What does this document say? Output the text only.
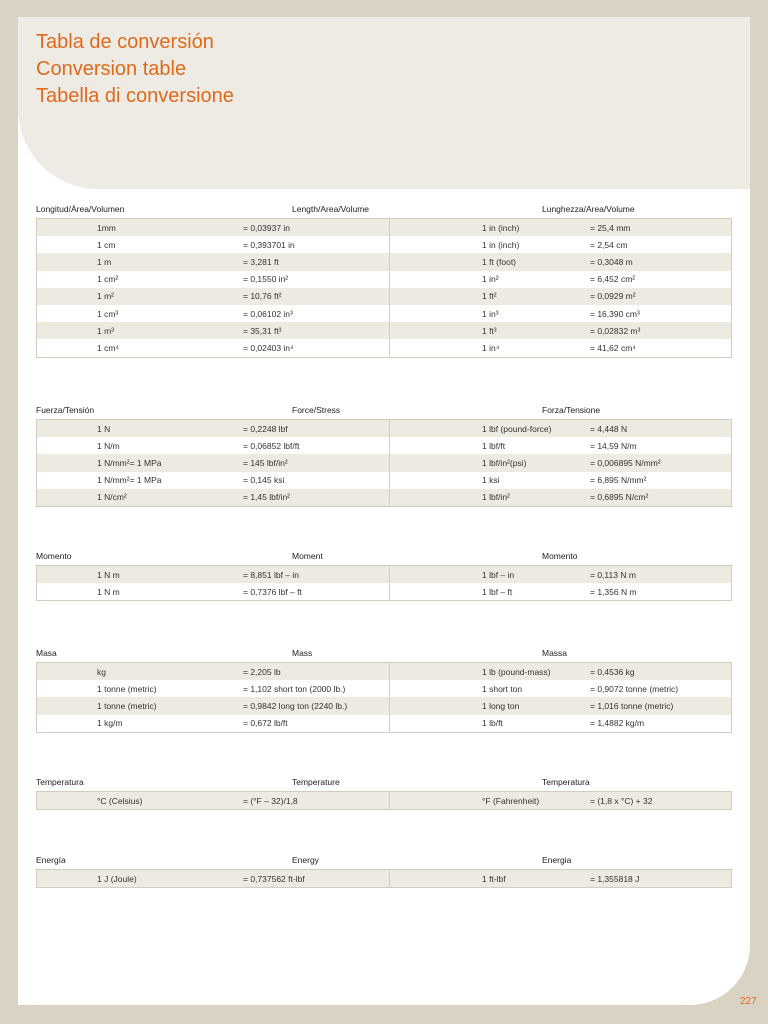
Tabla de conversión
Conversion table
Tabella di conversione
Longitud/Área/Volumen	Length/Area/Volume	Lunghezza/Area/Volume
	1mm	= 0,03937 in		1 in (inch)	= 25,4 mm
	1 cm	= 0,393701 in		1 in (inch)	= 2,54 cm
	1 m	= 3,281 ft		1 ft (foot)	= 0,3048 m
	1 cm²	= 0,1550 in²		1 in²	= 6,452 cm²
	1 m²	= 10,76 ft²		1 ft²	= 0,0929 m²
	1 cm³	= 0,06102 in³		1 in³	= 16,390 cm³
	1 m³	= 35,31 ft³		1 ft³	= 0,02832 m³
	1 cm⁴	= 0,02403 in⁴		1 in⁴	= 41,62 cm⁴
Fuerza/Tensión	Force/Stress	Forza/Tensione
	1 N	= 0,2248 lbf		1 lbf (pound-force)	= 4,448 N
	1 N/m	= 0,06852 lbf/ft		1 lbf/ft	= 14,59 N/m
	1 N/mm²= 1 MPa	= 145 lbf/in²		1 lbf/in²(psi)	= 0,006895 N/mm²
	1 N/mm²= 1 MPa	= 0,145 ksi		1 ksi	= 6,895 N/mm²
	1 N/cm²	= 1,45 lbf/in²		1 lbf/in²	= 0,6895 N/cm²
Momento	Moment	Momento
	1 N m	= 8,851 lbf – in		1 lbf – in	= 0,113 N m
	1 N m	= 0,7376 lbf – ft		1 lbf – ft	= 1,356 N m
Masa	Mass	Massa
	kg	= 2,205 lb		1 lb (pound-mass)	= 0,4536 kg
	1 tonne (metric)	= 1,102 short ton (2000 lb.)		1 short ton	= 0,9072 tonne (metric)
	1 tonne (metric)	= 0,9842 long ton (2240 lb.)		1 long ton	= 1,016 tonne (metric)
	1 kg/m	= 0,672 lb/ft		1 lb/ft	= 1,4882 kg/m
Temperatura	Temperature	Temperatura
	°C (Celsius)	= (°F – 32)/1,8		°F (Fahrenheit)	= (1,8 x °C) + 32
Energía	Energy	Energia
	1 J (Joule)	= 0,737562 ft-lbf		1 ft-lbf	= 1,355818 J
227
